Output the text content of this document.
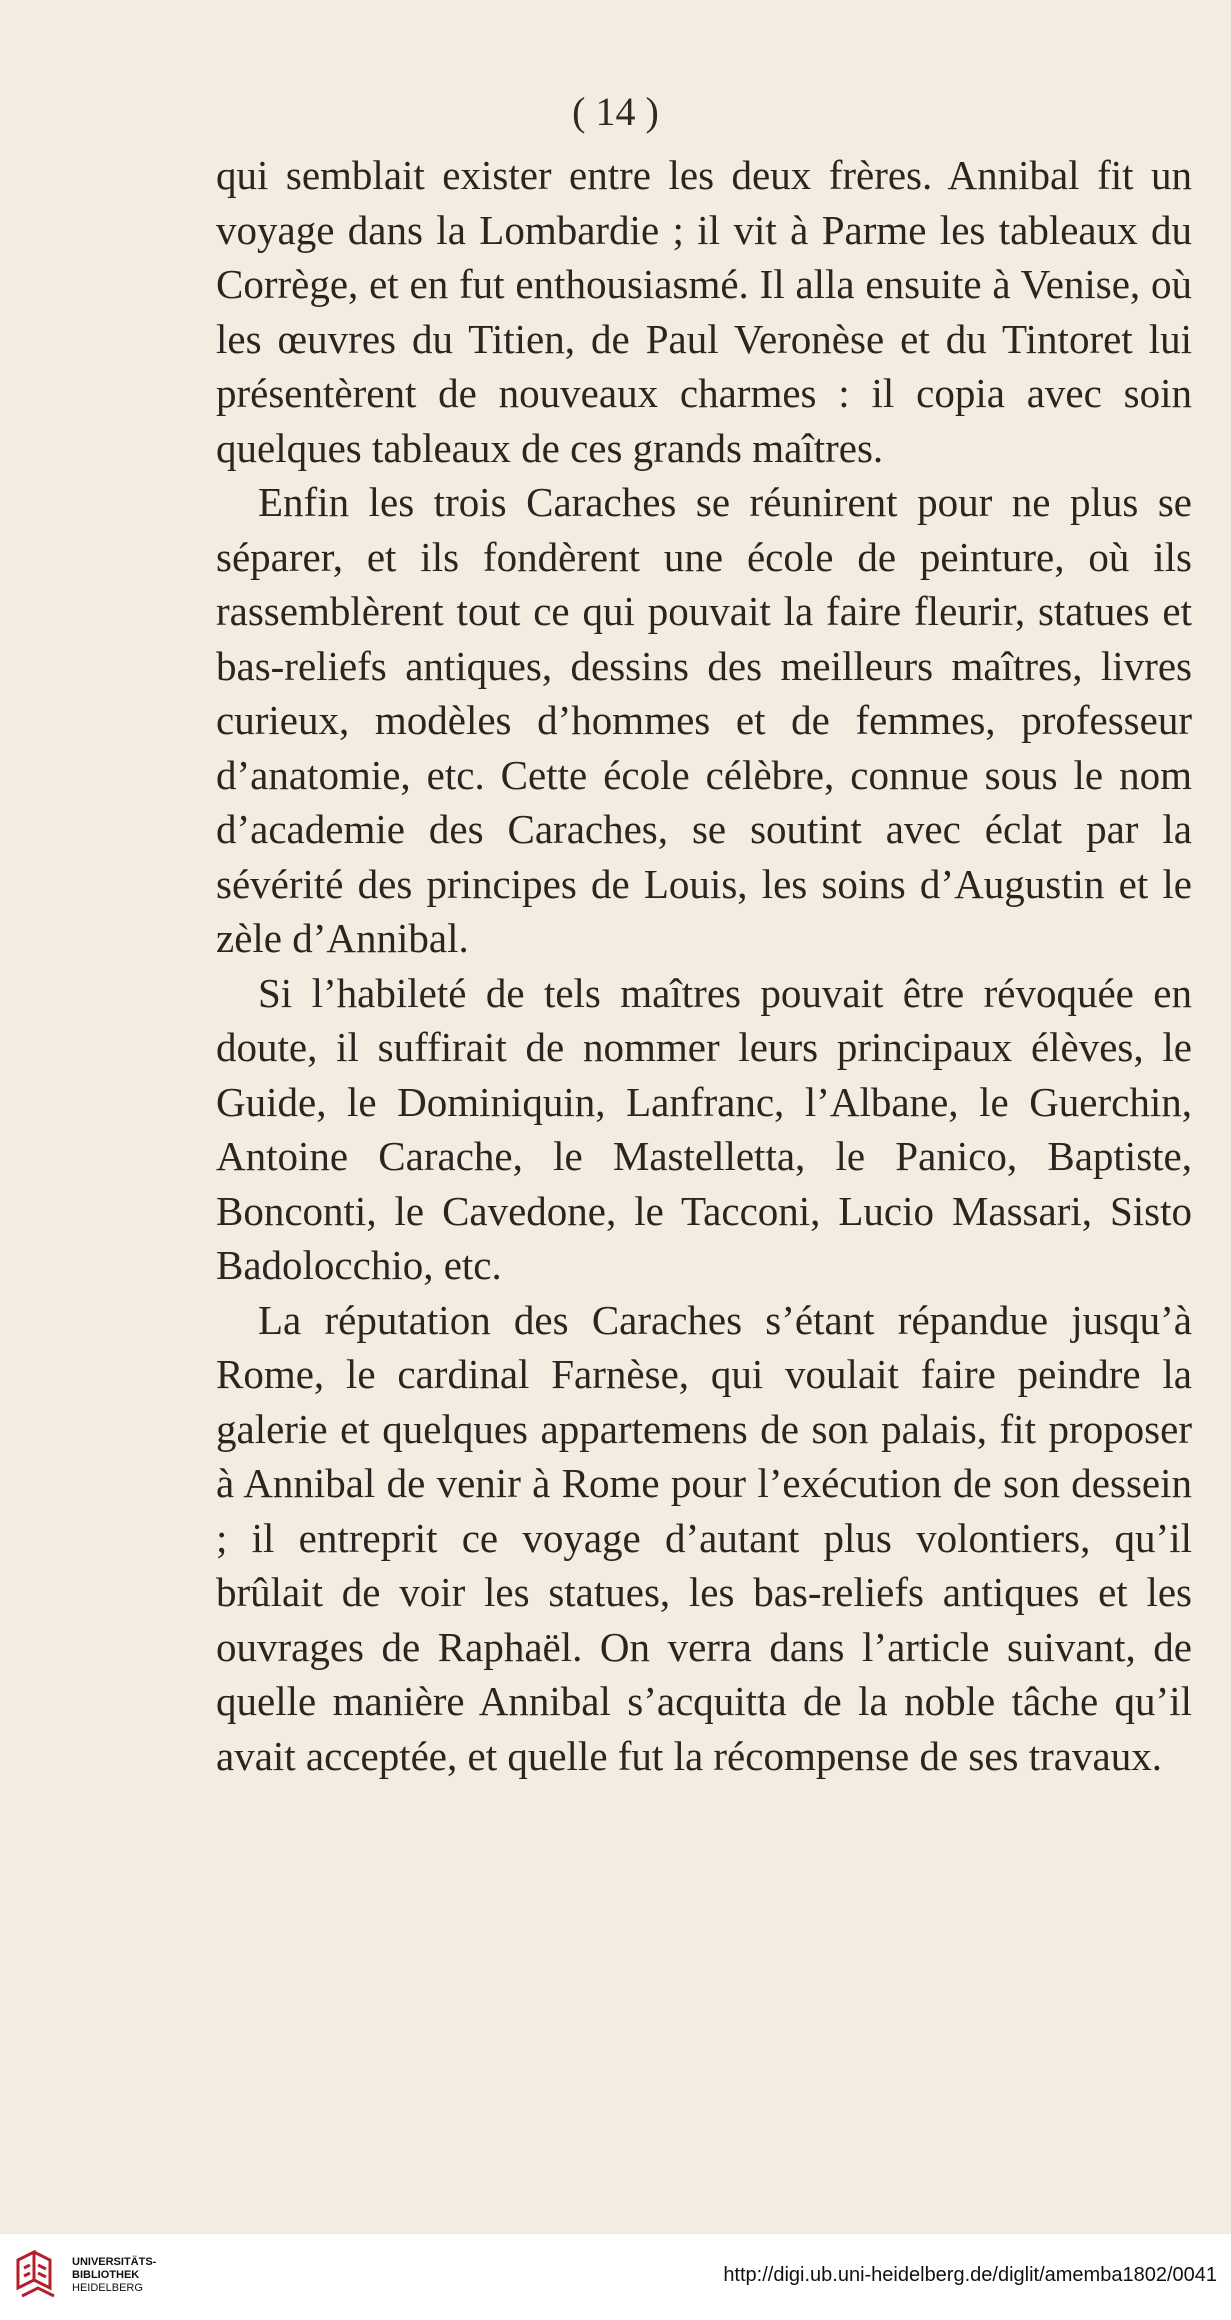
( 14 )

qui semblait exister entre les deux frères. Annibal fit un voyage dans la Lombardie ; il vit à Parme les tableaux du Corrège, et en fut enthousiasmé. Il alla ensuite à Venise, où les œuvres du Titien, de Paul Veronèse et du Tintoret lui présentèrent de nouveaux charmes : il copia avec soin quelques tableaux de ces grands maîtres.

Enfin les trois Caraches se réunirent pour ne plus se séparer, et ils fondèrent une école de peinture, où ils rassemblèrent tout ce qui pouvait la faire fleurir, statues et bas-reliefs antiques, dessins des meilleurs maîtres, livres curieux, modèles d’hommes et de femmes, professeur d’anatomie, etc. Cette école célèbre, connue sous le nom d’academie des Caraches, se soutint avec éclat par la sévérité des principes de Louis, les soins d’Augustin et le zèle d’Annibal.

Si l’habileté de tels maîtres pouvait être révoquée en doute, il suffirait de nommer leurs principaux élèves, le Guide, le Dominiquin, Lanfranc, l’Albane, le Guerchin, Antoine Carache, le Mastelletta, le Panico, Baptiste, Bonconti, le Cavedone, le Tacconi, Lucio Massari, Sisto Badolocchio, etc.

La réputation des Caraches s’étant répandue jusqu’à Rome, le cardinal Farnèse, qui voulait faire peindre la galerie et quelques appartemens de son palais, fit proposer à Annibal de venir à Rome pour l’exécution de son dessein ; il entreprit ce voyage d’autant plus volontiers, qu’il brûlait de voir les statues, les bas-reliefs antiques et les ouvrages de Raphaël. On verra dans l’article suivant, de quelle manière Annibal s’acquitta de la noble tâche qu’il avait acceptée, et quelle fut la récompense de ses travaux.

UNIVERSITÄTS-
BIBLIOTHEK
HEIDELBERG
http://digi.ub.uni-heidelberg.de/diglit/amemba1802/0041
